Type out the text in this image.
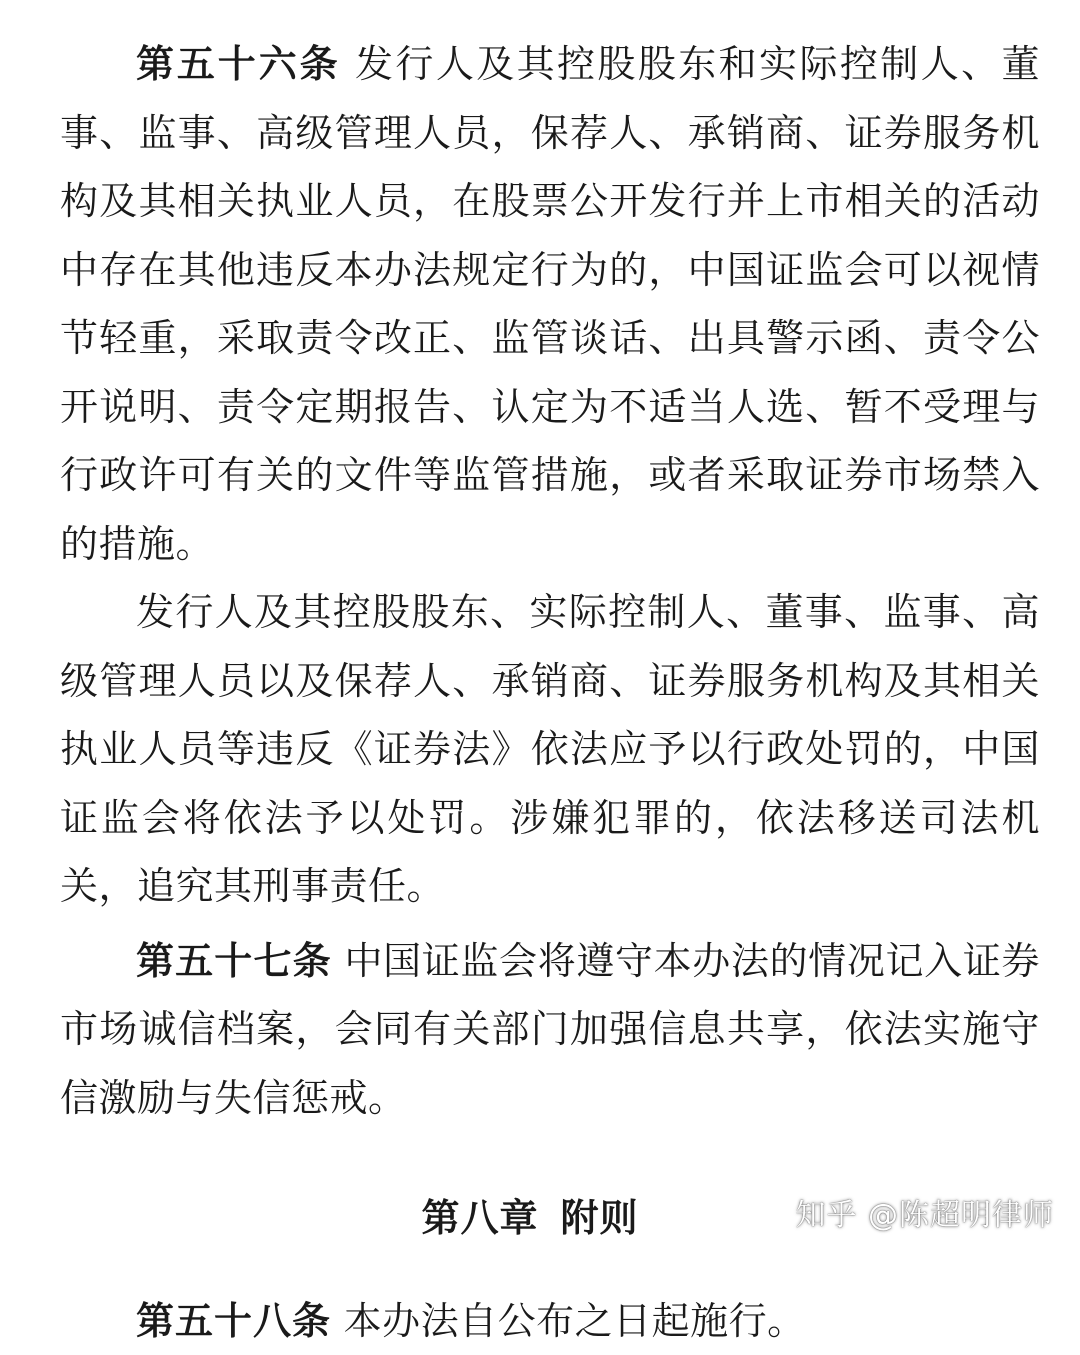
第五十六条 发行人及其控股股东和实际控制人、董事、监事、高级管理人员，保荐人、承销商、证券服务机构及其相关执业人员，在股票公开发行并上市相关的活动中存在其他违反本办法规定行为的，中国证监会可以视情节轻重，采取责令改正、监管谈话、出具警示函、责令公开说明、责令定期报告、认定为不适当人选、暂不受理与行政许可有关的文件等监管措施，或者采取证券市场禁入的措施。

发行人及其控股股东、实际控制人、董事、监事、高级管理人员以及保荐人、承销商、证券服务机构及其相关执业人员等违反《证券法》依法应予以行政处罚的，中国证监会将依法予以处罚。涉嫌犯罪的，依法移送司法机关，追究其刑事责任。

第五十七条 中国证监会将遵守本办法的情况记入证券市场诚信档案，会同有关部门加强信息共享，依法实施守信激励与失信惩戒。

第八章 附则

第五十八条 本办法自公布之日起施行。

知乎 @陈超明律师
